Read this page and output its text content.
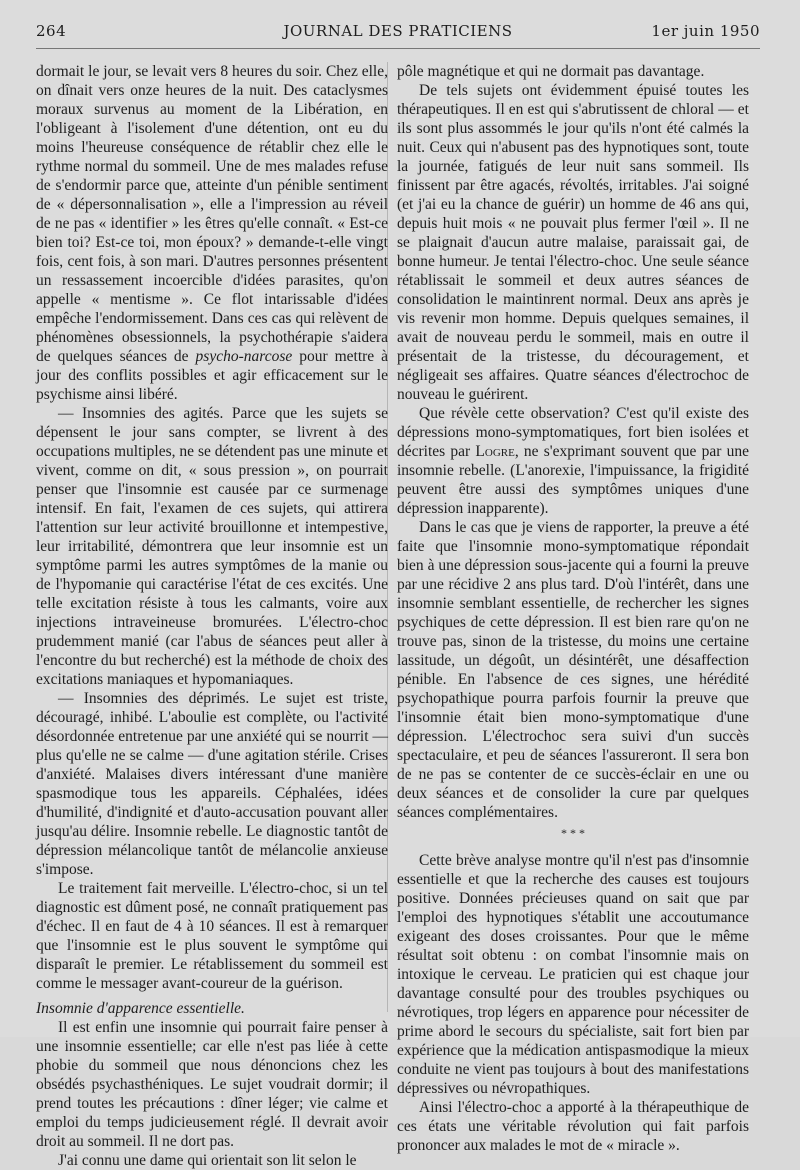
264	JOURNAL DES PRATICIENS	1er juin 1950

dormait le jour, se levait vers 8 heures du soir. Chez elle, on dînait vers onze heures de la nuit. Des cataclysmes moraux survenus au moment de la Libération, en l'obligeant à l'isolement d'une détention, ont eu du moins l'heureuse conséquence de rétablir chez elle le rythme normal du sommeil. Une de mes malades refuse de s'endormir parce que, atteinte d'un pénible sentiment de « dépersonnalisation », elle a l'impression au réveil de ne pas « identifier » les êtres qu'elle connaît. « Est-ce bien toi? Est-ce toi, mon époux? » demande-t-elle vingt fois, cent fois, à son mari. D'autres personnes présentent un ressassement incoercible d'idées parasites, qu'on appelle « mentisme ». Ce flot intarissable d'idées empêche l'endormissement. Dans ces cas qui relèvent de phénomènes obsessionnels, la psychothérapie s'aidera de quelques séances de psycho-narcose pour mettre à jour des conflits possibles et agir efficacement sur le psychisme ainsi libéré.

— Insomnies des agités. Parce que les sujets se dépensent le jour sans compter, se livrent à des occupations multiples, ne se détendent pas une minute et vivent, comme on dit, « sous pression », on pourrait penser que l'insomnie est causée par ce surmenage intensif. En fait, l'examen de ces sujets, qui attirera l'attention sur leur activité brouillonne et intempestive, leur irritabilité, démontrera que leur insomnie est un symptôme parmi les autres symptômes de la manie ou de l'hypomanie qui caractérise l'état de ces excités. Une telle excitation résiste à tous les calmants, voire aux injections intraveineuse bromurées. L'électro-choc prudemment manié (car l'abus de séances peut aller à l'encontre du but recherché) est la méthode de choix des excitations maniaques et hypomaniaques.

— Insomnies des déprimés. Le sujet est triste, découragé, inhibé. L'aboulie est complète, ou l'activité désordonnée entretenue par une anxiété qui se nourrit — plus qu'elle ne se calme — d'une agitation stérile. Crises d'anxiété. Malaises divers intéressant d'une manière spasmodique tous les appareils. Céphalées, idées d'humilité, d'indignité et d'auto-accusation pouvant aller jusqu'au délire. Insomnie rebelle. Le diagnostic tantôt de dépression mélancolique tantôt de mélancolie anxieuse s'impose.

Le traitement fait merveille. L'électro-choc, si un tel diagnostic est dûment posé, ne connaît pratiquement pas d'échec. Il en faut de 4 à 10 séances. Il est à remarquer que l'insomnie est le plus souvent le symptôme qui disparaît le premier. Le rétablissement du sommeil est comme le messager avant-coureur de la guérison.

Insomnie d'apparence essentielle.

Il est enfin une insomnie qui pourrait faire penser à une insomnie essentielle; car elle n'est pas liée à cette phobie du sommeil que nous dénoncions chez les obsédés psychasthéniques. Le sujet voudrait dormir; il prend toutes les précautions : dîner léger; vie calme et emploi du temps judicieusement réglé. Il devrait avoir droit au sommeil. Il ne dort pas.

J'ai connu une dame qui orientait son lit selon le

pôle magnétique et qui ne dormait pas davantage.

De tels sujets ont évidemment épuisé toutes les thérapeutiques. Il en est qui s'abrutissent de chloral — et ils sont plus assommés le jour qu'ils n'ont été calmés la nuit. Ceux qui n'abusent pas des hypnotiques sont, toute la journée, fatigués de leur nuit sans sommeil. Ils finissent par être agacés, révoltés, irritables. J'ai soigné (et j'ai eu la chance de guérir) un homme de 46 ans qui, depuis huit mois « ne pouvait plus fermer l'œil ». Il ne se plaignait d'aucun autre malaise, paraissait gai, de bonne humeur. Je tentai l'électro-choc. Une seule séance rétablissait le sommeil et deux autres séances de consolidation le maintinrent normal. Deux ans après je vis revenir mon homme. Depuis quelques semaines, il avait de nouveau perdu le sommeil, mais en outre il présentait de la tristesse, du découragement, et négligeait ses affaires. Quatre séances d'électrochoc de nouveau le guérirent.

Que révèle cette observation? C'est qu'il existe des dépressions mono-symptomatiques, fort bien isolées et décrites par Logre, ne s'exprimant souvent que par une insomnie rebelle. (L'anorexie, l'impuissance, la frigidité peuvent être aussi des symptômes uniques d'une dépression inapparente).

Dans le cas que je viens de rapporter, la preuve a été faite que l'insomnie mono-symptomatique répondait bien à une dépression sous-jacente qui a fourni la preuve par une récidive 2 ans plus tard. D'où l'intérêt, dans une insomnie semblant essentielle, de rechercher les signes psychiques de cette dépression. Il est bien rare qu'on ne trouve pas, sinon de la tristesse, du moins une certaine lassitude, un dégoût, un désintérêt, une désaffection pénible. En l'absence de ces signes, une hérédité psychopathique pourra parfois fournir la preuve que l'insomnie était bien mono-symptomatique d'une dépression. L'électrochoc sera suivi d'un succès spectaculaire, et peu de séances l'assureront. Il sera bon de ne pas se contenter de ce succès-éclair en une ou deux séances et de consolider la cure par quelques séances complémentaires.

* * *

Cette brève analyse montre qu'il n'est pas d'insomnie essentielle et que la recherche des causes est toujours positive. Données précieuses quand on sait que par l'emploi des hypnotiques s'établit une accoutumance exigeant des doses croissantes. Pour que le même résultat soit obtenu : on combat l'insomnie mais on intoxique le cerveau. Le praticien qui est chaque jour davantage consulté pour des troubles psychiques ou névrotiques, trop légers en apparence pour nécessiter de prime abord le secours du spécialiste, sait fort bien par expérience que la médication antispasmodique la mieux conduite ne vient pas toujours à bout des manifestations dépressives ou névropathiques.

Ainsi l'électro-choc a apporté à la thérapeuthique de ces états une véritable révolution qui fait parfois prononcer aux malades le mot de « miracle ».
